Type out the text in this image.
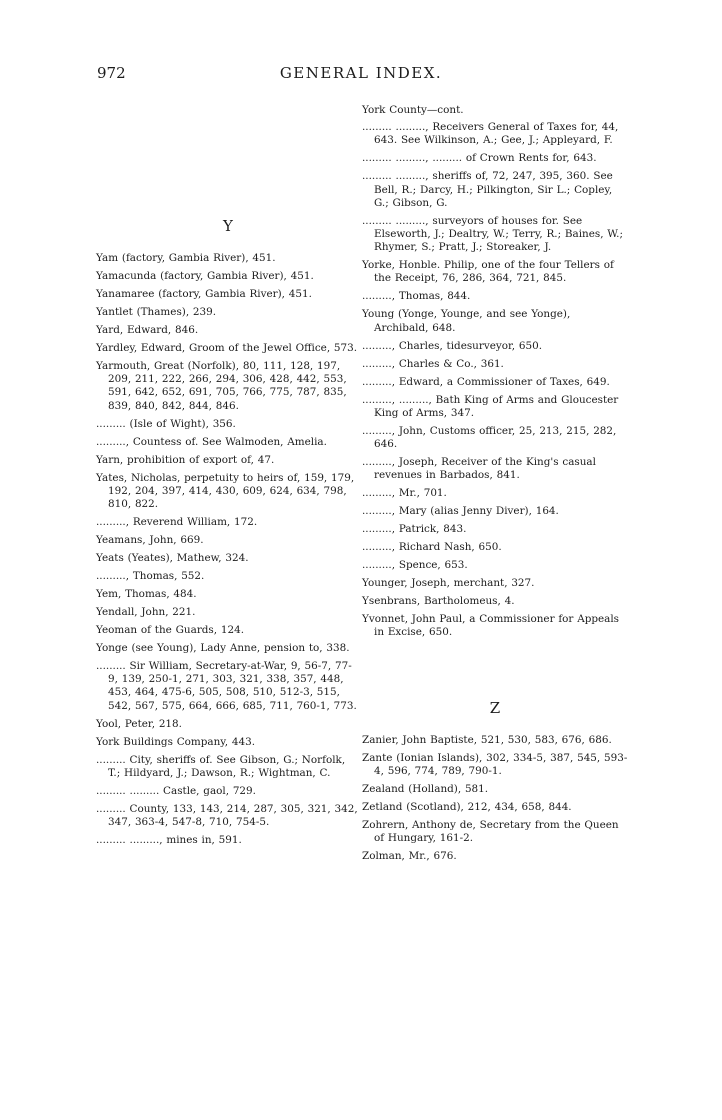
972	GENERAL INDEX.
Y

Yam (factory, Gambia River), 451.

Yamacunda (factory, Gambia River), 451.

Yanamaree (factory, Gambia River), 451.

Yantlet (Thames), 239.

Yard, Edward, 846.

Yardley, Edward, Groom of the Jewel Office, 573.

Yarmouth, Great (Norfolk), 80, 111, 128, 197, 209, 211, 222, 266, 294, 306, 428, 442, 553, 591, 642, 652, 691, 705, 766, 775, 787, 835, 839, 840, 842, 844, 846.

......... (Isle of Wight), 356.

........., Countess of. See Walmoden, Amelia.

Yarn, prohibition of export of, 47.

Yates, Nicholas, perpetuity to heirs of, 159, 179, 192, 204, 397, 414, 430, 609, 624, 634, 798, 810, 822.

........., Reverend William, 172.

Yeamans, John, 669.

Yeats (Yeates), Mathew, 324.

........., Thomas, 552.

Yem, Thomas, 484.

Yendall, John, 221.

Yeoman of the Guards, 124.

Yonge (see Young), Lady Anne, pension to, 338.

......... Sir William, Secretary-at-War, 9, 56-7, 77-9, 139, 250-1, 271, 303, 321, 338, 357, 448, 453, 464, 475-6, 505, 508, 510, 512-3, 515, 542, 567, 575, 664, 666, 685, 711, 760-1, 773.

Yool, Peter, 218.

York Buildings Company, 443.

......... City, sheriffs of. See Gibson, G.; Norfolk, T.; Hildyard, J.; Dawson, R.; Wightman, C.

......... ......... Castle, gaol, 729.

......... County, 133, 143, 214, 287, 305, 321, 342, 347, 363-4, 547-8, 710, 754-5.

......... ........., mines in, 591.

York County—cont.

......... ........., Receivers General of Taxes for, 44, 643. See Wilkinson, A.; Gee, J.; Appleyard, F.

......... ........., ......... of Crown Rents for, 643.

......... ........., sheriffs of, 72, 247, 395, 360. See Bell, R.; Darcy, H.; Pilkington, Sir L.; Copley, G.; Gibson, G.

......... ........., surveyors of houses for. See Elseworth, J.; Dealtry, W.; Terry, R.; Baines, W.; Rhymer, S.; Pratt, J.; Storeaker, J.

Yorke, Honble. Philip, one of the four Tellers of the Receipt, 76, 286, 364, 721, 845.

........., Thomas, 844.

Young (Yonge, Younge, and see Yonge), Archibald, 648.

........., Charles, tidesurveyor, 650.

........., Charles & Co., 361.

........., Edward, a Commissioner of Taxes, 649.

........., ........., Bath King of Arms and Gloucester King of Arms, 347.

........., John, Customs officer, 25, 213, 215, 282, 646.

........., Joseph, Receiver of the King's casual revenues in Barbados, 841.

........., Mr., 701.

........., Mary (alias Jenny Diver), 164.

........., Patrick, 843.

........., Richard Nash, 650.

........., Spence, 653.

Younger, Joseph, merchant, 327.

Ysenbrans, Bartholomeus, 4.

Yvonnet, John Paul, a Commissioner for Appeals in Excise, 650.

Z

Zanier, John Baptiste, 521, 530, 583, 676, 686.

Zante (Ionian Islands), 302, 334-5, 387, 545, 593-4, 596, 774, 789, 790-1.

Zealand (Holland), 581.

Zetland (Scotland), 212, 434, 658, 844.

Zohrern, Anthony de, Secretary from the Queen of Hungary, 161-2.

Zolman, Mr., 676.
